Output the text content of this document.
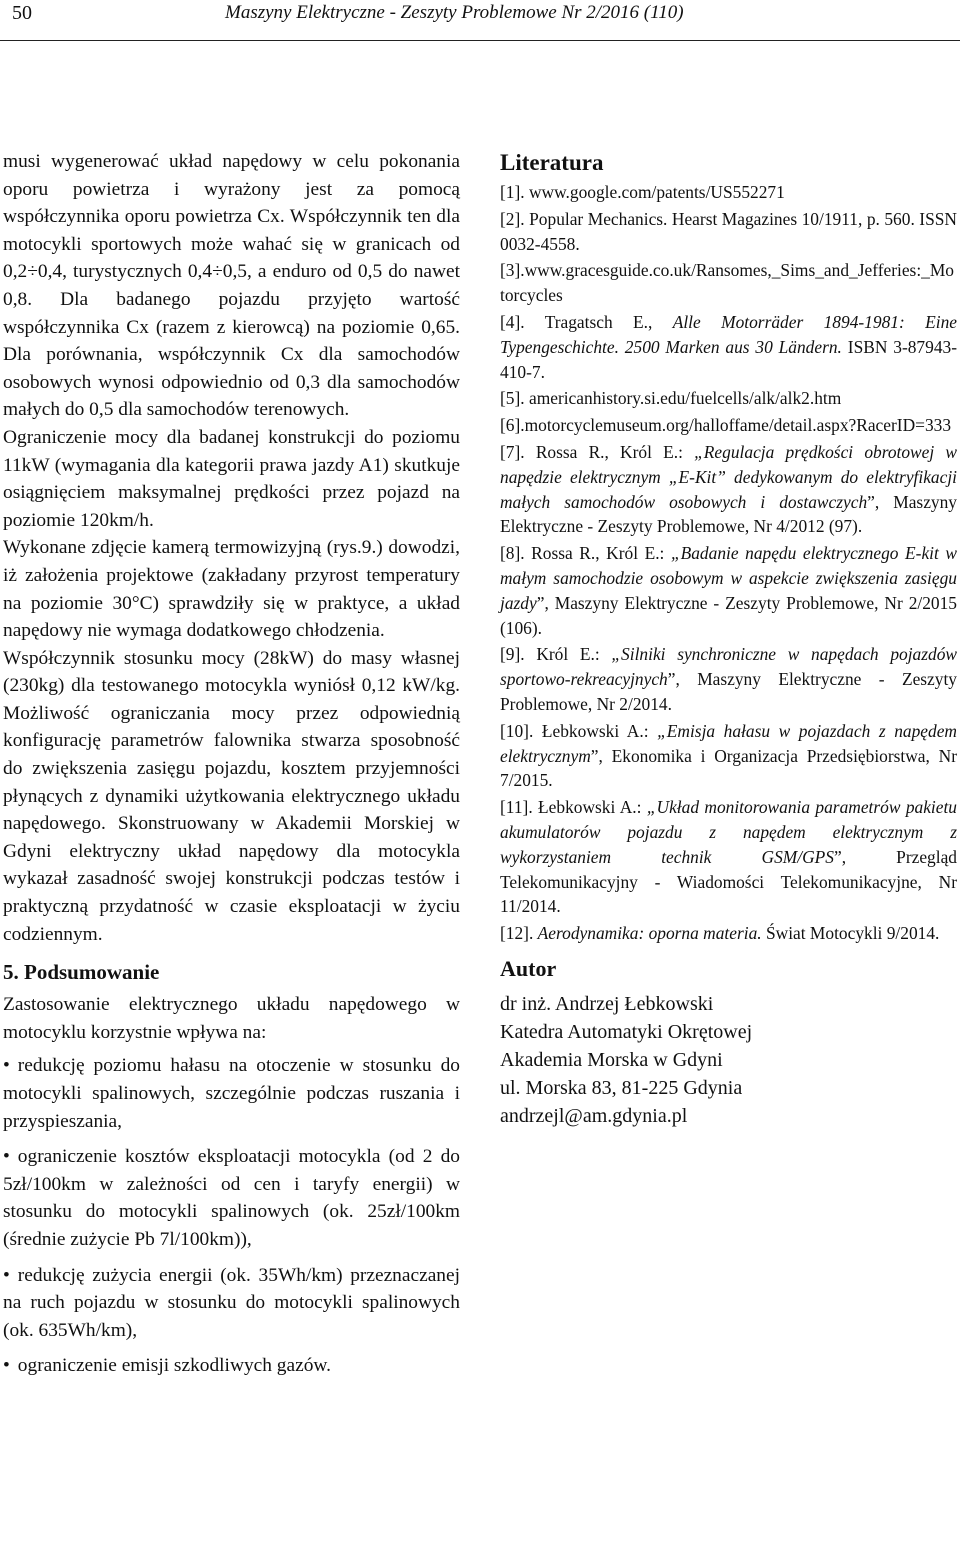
50	Maszyny Elektryczne - Zeszyty Problemowe Nr 2/2016 (110)

musi wygenerować układ napędowy w celu pokonania oporu powietrza i wyrażony jest za pomocą współczynnika oporu powietrza Cx. Współczynnik ten dla motocykli sportowych może wahać się w granicach od 0,2÷0,4, turystycznych 0,4÷0,5, a enduro od 0,5 do nawet 0,8. Dla badanego pojazdu przyjęto wartość współczynnika Cx (razem z kierowcą) na poziomie 0,65. Dla porównania, współczynnik Cx dla samochodów osobowych wynosi odpowiednio od 0,3 dla samochodów małych do 0,5 dla samochodów terenowych.

Ograniczenie mocy dla badanej konstrukcji do poziomu 11kW (wymagania dla kategorii prawa jazdy A1) skutkuje osiągnięciem maksymalnej prędkości przez pojazd na poziomie 120km/h.

Wykonane zdjęcie kamerą termowizyjną (rys.9.) dowodzi, iż założenia projektowe (zakładany przyrost temperatury na poziomie 30°C) sprawdziły się w praktyce, a układ napędowy nie wymaga dodatkowego chłodzenia.

Współczynnik stosunku mocy (28kW) do masy własnej (230kg) dla testowanego motocykla wyniósł 0,12 kW/kg. Możliwość ograniczania mocy przez odpowiednią konfigurację parametrów falownika stwarza sposobność do zwiększenia zasięgu pojazdu, kosztem przyjemności płynących z dynamiki użytkowania elektrycznego układu napędowego. Skonstruowany w Akademii Morskiej w Gdyni elektryczny układ napędowy dla motocykla wykazał zasadność swojej konstrukcji podczas testów i praktyczną przydatność w czasie eksploatacji w życiu codziennym.

5. Podsumowanie

Zastosowanie elektrycznego układu napędowego w motocyklu korzystnie wpływa na:

• redukcję poziomu hałasu na otoczenie w stosunku do motocykli spalinowych, szczególnie podczas ruszania i przyspieszania,
• ograniczenie kosztów eksploatacji motocykla (od 2 do 5zł/100km w zależności od cen i taryfy energii) w stosunku do motocykli spalinowych (ok. 25zł/100km (średnie zużycie Pb 7l/100km)),
• redukcję zużycia energii (ok. 35Wh/km) przeznaczanej na ruch pojazdu w stosunku do motocykli spalinowych (ok. 635Wh/km),
• ograniczenie emisji szkodliwych gazów.
Literatura

[1]. www.google.com/patents/US552271

[2]. Popular Mechanics. Hearst Magazines 10/1911, p. 560. ISSN 0032-4558.

[3].www.gracesguide.co.uk/Ransomes,_Sims_and_Jefferies:_Motorcycles

[4]. Tragatsch E., Alle Motorräder 1894-1981: Eine Typengeschichte. 2500 Marken aus 30 Ländern. ISBN 3-87943-410-7.

[5]. americanhistory.si.edu/fuelcells/alk/alk2.htm

[6].motorcyclemuseum.org/halloffame/detail.aspx?RacerID=333

[7]. Rossa R., Król E.: „Regulacja prędkości obrotowej w napędzie elektrycznym „E-Kit” dedykowanym do elektryfikacji małych samochodów osobowych i dostawczych”, Maszyny Elektryczne - Zeszyty Problemowe, Nr 4/2012 (97).

[8]. Rossa R., Król E.: „Badanie napędu elektrycznego E-kit w małym samochodzie osobowym w aspekcie zwiększenia zasięgu jazdy”, Maszyny Elektryczne - Zeszyty Problemowe, Nr 2/2015 (106).

[9]. Król E.: „Silniki synchroniczne w napędach pojazdów sportowo-rekreacyjnych”, Maszyny Elektryczne - Zeszyty Problemowe, Nr 2/2014.

[10]. Łebkowski A.: „Emisja hałasu w pojazdach z napędem elektrycznym”, Ekonomika i Organizacja Przedsiębiorstwa, Nr 7/2015.

[11]. Łebkowski A.: „Układ monitorowania parametrów pakietu akumulatorów pojazdu z napędem elektrycznym z wykorzystaniem technik GSM/GPS”, Przegląd Telekomunikacyjny - Wiadomości Telekomunikacyjne, Nr 11/2014.

[12]. Aerodynamika: oporna materia. Świat Motocykli 9/2014.

Autor

dr inż. Andrzej Łebkowski

Katedra Automatyki Okrętowej

Akademia Morska w Gdyni

ul. Morska 83, 81-225 Gdynia

andrzejl@am.gdynia.pl
